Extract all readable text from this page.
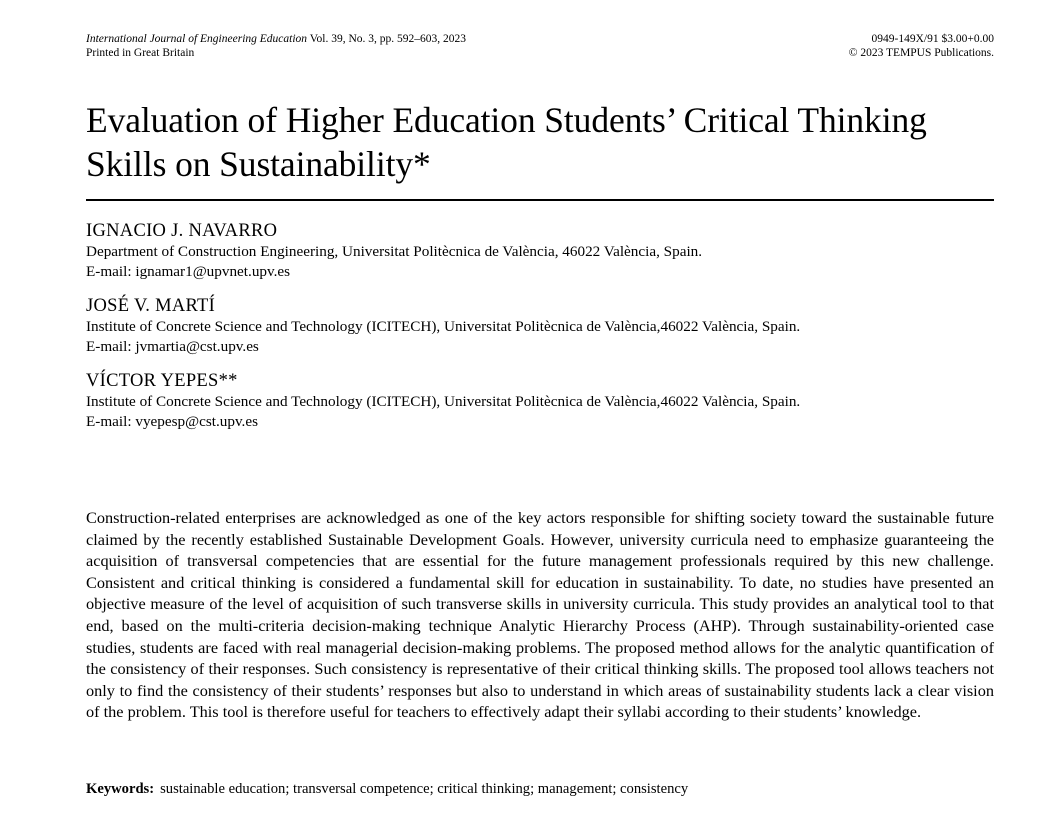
International Journal of Engineering Education Vol. 39, No. 3, pp. 592–603, 2023
Printed in Great Britain
0949-149X/91 $3.00+0.00
© 2023 TEMPUS Publications.
Evaluation of Higher Education Students’ Critical Thinking
Skills on Sustainability*
IGNACIO J. NAVARRO
Department of Construction Engineering, Universitat Politècnica de València, 46022 València, Spain.
E-mail: ignamar1@upvnet.upv.es
JOSÉ V. MARTÍ
Institute of Concrete Science and Technology (ICITECH), Universitat Politècnica de València,46022 València, Spain.
E-mail: jvmartia@cst.upv.es
VÍCTOR YEPES**
Institute of Concrete Science and Technology (ICITECH), Universitat Politècnica de València,46022 València, Spain.
E-mail: vyepesp@cst.upv.es

Construction-related enterprises are acknowledged as one of the key actors responsible for shifting society toward the sustainable future claimed by the recently established Sustainable Development Goals. However, university curricula need to emphasize guaranteeing the acquisition of transversal competencies that are essential for the future management professionals required by this new challenge. Consistent and critical thinking is considered a fundamental skill for education in sustainability. To date, no studies have presented an objective measure of the level of acquisition of such transverse skills in university curricula. This study provides an analytical tool to that end, based on the multi-criteria decision-making technique Analytic Hierarchy Process (AHP). Through sustainability-oriented case studies, students are faced with real managerial decision-making problems. The proposed method allows for the analytic quantification of the consistency of their responses. Such consistency is representative of their critical thinking skills. The proposed tool allows teachers not only to find the consistency of their students’ responses but also to understand in which areas of sustainability students lack a clear vision of the problem. This tool is therefore useful for teachers to effectively adapt their syllabi according to their students’ knowledge.

Keywords: sustainable education; transversal competence; critical thinking; management; consistency
